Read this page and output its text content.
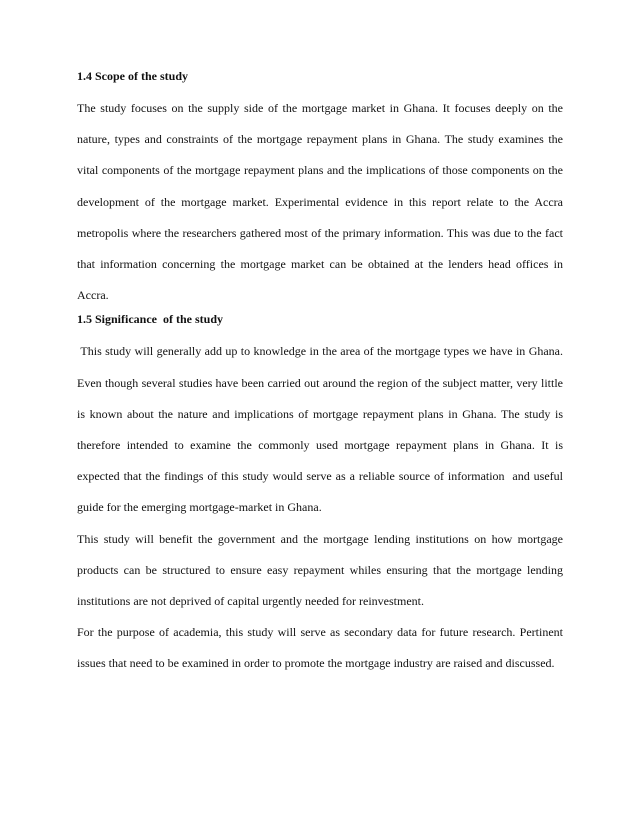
1.4 Scope of the study

The study focuses on the supply side of the mortgage market in Ghana. It focuses deeply on the nature, types and constraints of the mortgage repayment plans in Ghana. The study examines the vital components of the mortgage repayment plans and the implications of those components on the development of the mortgage market. Experimental evidence in this report relate to the Accra metropolis where the researchers gathered most of the primary information. This was due to the fact that information concerning the mortgage market can be obtained at the lenders head offices in Accra.

1.5 Significance  of the study

This study will generally add up to knowledge in the area of the mortgage types we have in Ghana. Even though several studies have been carried out around the region of the subject matter, very little is known about the nature and implications of mortgage repayment plans in Ghana. The study is therefore intended to examine the commonly used mortgage repayment plans in Ghana. It is expected that the findings of this study would serve as a reliable source of information  and useful guide for the emerging mortgage-market in Ghana.

This study will benefit the government and the mortgage lending institutions on how mortgage products can be structured to ensure easy repayment whiles ensuring that the mortgage lending institutions are not deprived of capital urgently needed for reinvestment.

For the purpose of academia, this study will serve as secondary data for future research. Pertinent issues that need to be examined in order to promote the mortgage industry are raised and discussed.
